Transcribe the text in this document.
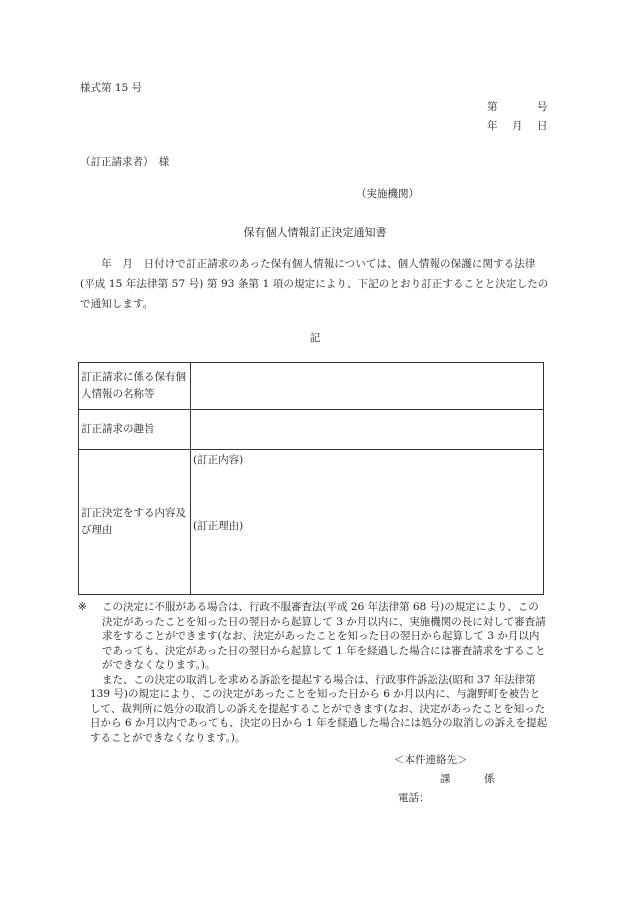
様式第 15 号
第	号
年 月 日
（訂正請求者）　様
（実施機関）
保有個人情報訂正決定通知書

　　年　月　日付けで訂正請求のあった保有個人情報については、個人情報の保護に関する法律(平成 15 年法律第 57 号) 第 93 条第 1 項の規定により、下記のとおり訂正することと決定したので通知します。

記
訂正請求に係る保有個人情報の名称等	
訂正請求の趣旨	
訂正決定をする内容及び理由	(訂正内容)
(訂正理由)
※	この決定に不服がある場合は、行政不服審査法(平成 26 年法律第 68 号)の規定により、この決定があったことを知った日の翌日から起算して 3 か月以内に、実施機関の長に対して審査請求をすることができます(なお、決定があったことを知った日の翌日から起算して 3 か月以内であっても、決定があった日の翌日から起算して 1 年を経過した場合には審査請求をすることができなくなります。)。

また、この決定の取消しを求める訴訟を提起する場合は、行政事件訴訟法(昭和 37 年法律第 139 号)の規定により、この決定があったことを知った日から 6 か月以内に、与謝野町を被告として、裁判所に処分の取消しの訴えを提起することができます(なお、決定があったことを知った日から 6 か月以内であっても、決定の日から 1 年を経過した場合には処分の取消しの訴えを提起することができなくなります。)。

＜本件連絡先＞
課	係
電話：
